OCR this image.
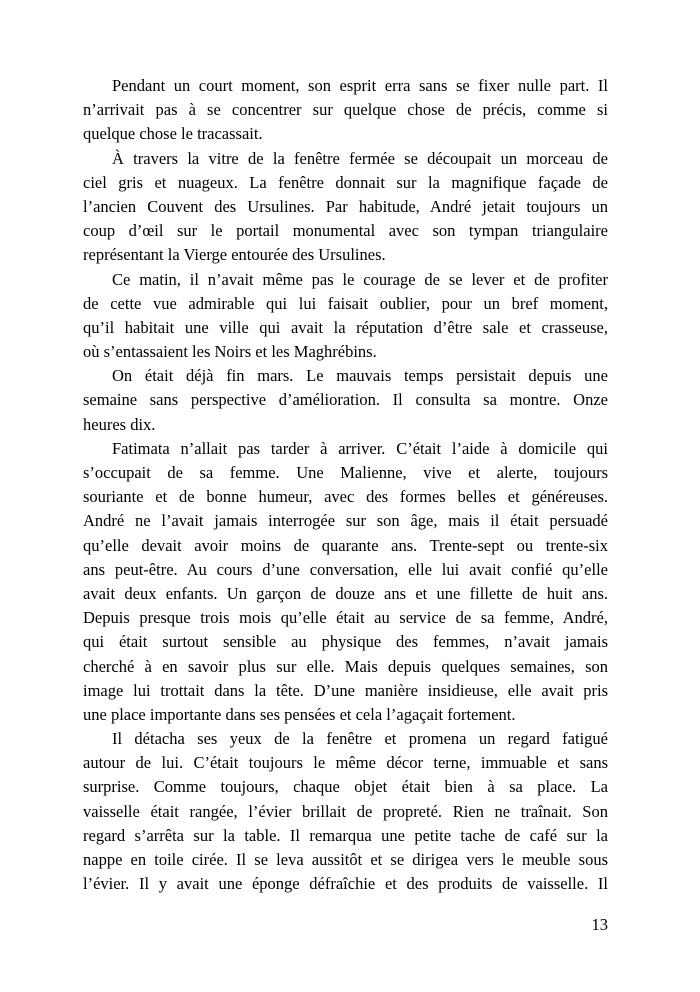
Pendant un court moment, son esprit erra sans se fixer nulle part. Il
n’arrivait pas à se concentrer sur quelque chose de précis, comme si
quelque chose le tracassait.

À travers la vitre de la fenêtre fermée se découpait un morceau de
ciel gris et nuageux. La fenêtre donnait sur la magnifique façade de
l’ancien Couvent des Ursulines. Par habitude, André jetait toujours un
coup d’œil sur le portail monumental avec son tympan triangulaire
représentant la Vierge entourée des Ursulines.

Ce matin, il n’avait même pas le courage de se lever et de profiter
de cette vue admirable qui lui faisait oublier, pour un bref moment,
qu’il habitait une ville qui avait la réputation d’être sale et crasseuse,
où s’entassaient les Noirs et les Maghrébins.

On était déjà fin mars. Le mauvais temps persistait depuis une
semaine sans perspective d’amélioration. Il consulta sa montre. Onze
heures dix.

Fatimata n’allait pas tarder à arriver. C’était l’aide à domicile qui
s’occupait de sa femme. Une Malienne, vive et alerte, toujours
souriante et de bonne humeur, avec des formes belles et généreuses.
André ne l’avait jamais interrogée sur son âge, mais il était persuadé
qu’elle devait avoir moins de quarante ans. Trente-sept ou trente-six
ans peut-être. Au cours d’une conversation, elle lui avait confié qu’elle
avait deux enfants. Un garçon de douze ans et une fillette de huit ans.
Depuis presque trois mois qu’elle était au service de sa femme, André,
qui était surtout sensible au physique des femmes, n’avait jamais
cherché à en savoir plus sur elle. Mais depuis quelques semaines, son
image lui trottait dans la tête. D’une manière insidieuse, elle avait pris
une place importante dans ses pensées et cela l’agaçait fortement.

Il détacha ses yeux de la fenêtre et promena un regard fatigué
autour de lui. C’était toujours le même décor terne, immuable et sans
surprise. Comme toujours, chaque objet était bien à sa place. La
vaisselle était rangée, l’évier brillait de propreté. Rien ne traînait. Son
regard s’arrêta sur la table. Il remarqua une petite tache de café sur la
nappe en toile cirée. Il se leva aussitôt et se dirigea vers le meuble sous
l’évier. Il y avait une éponge défraîchie et des produits de vaisselle. Il

13
